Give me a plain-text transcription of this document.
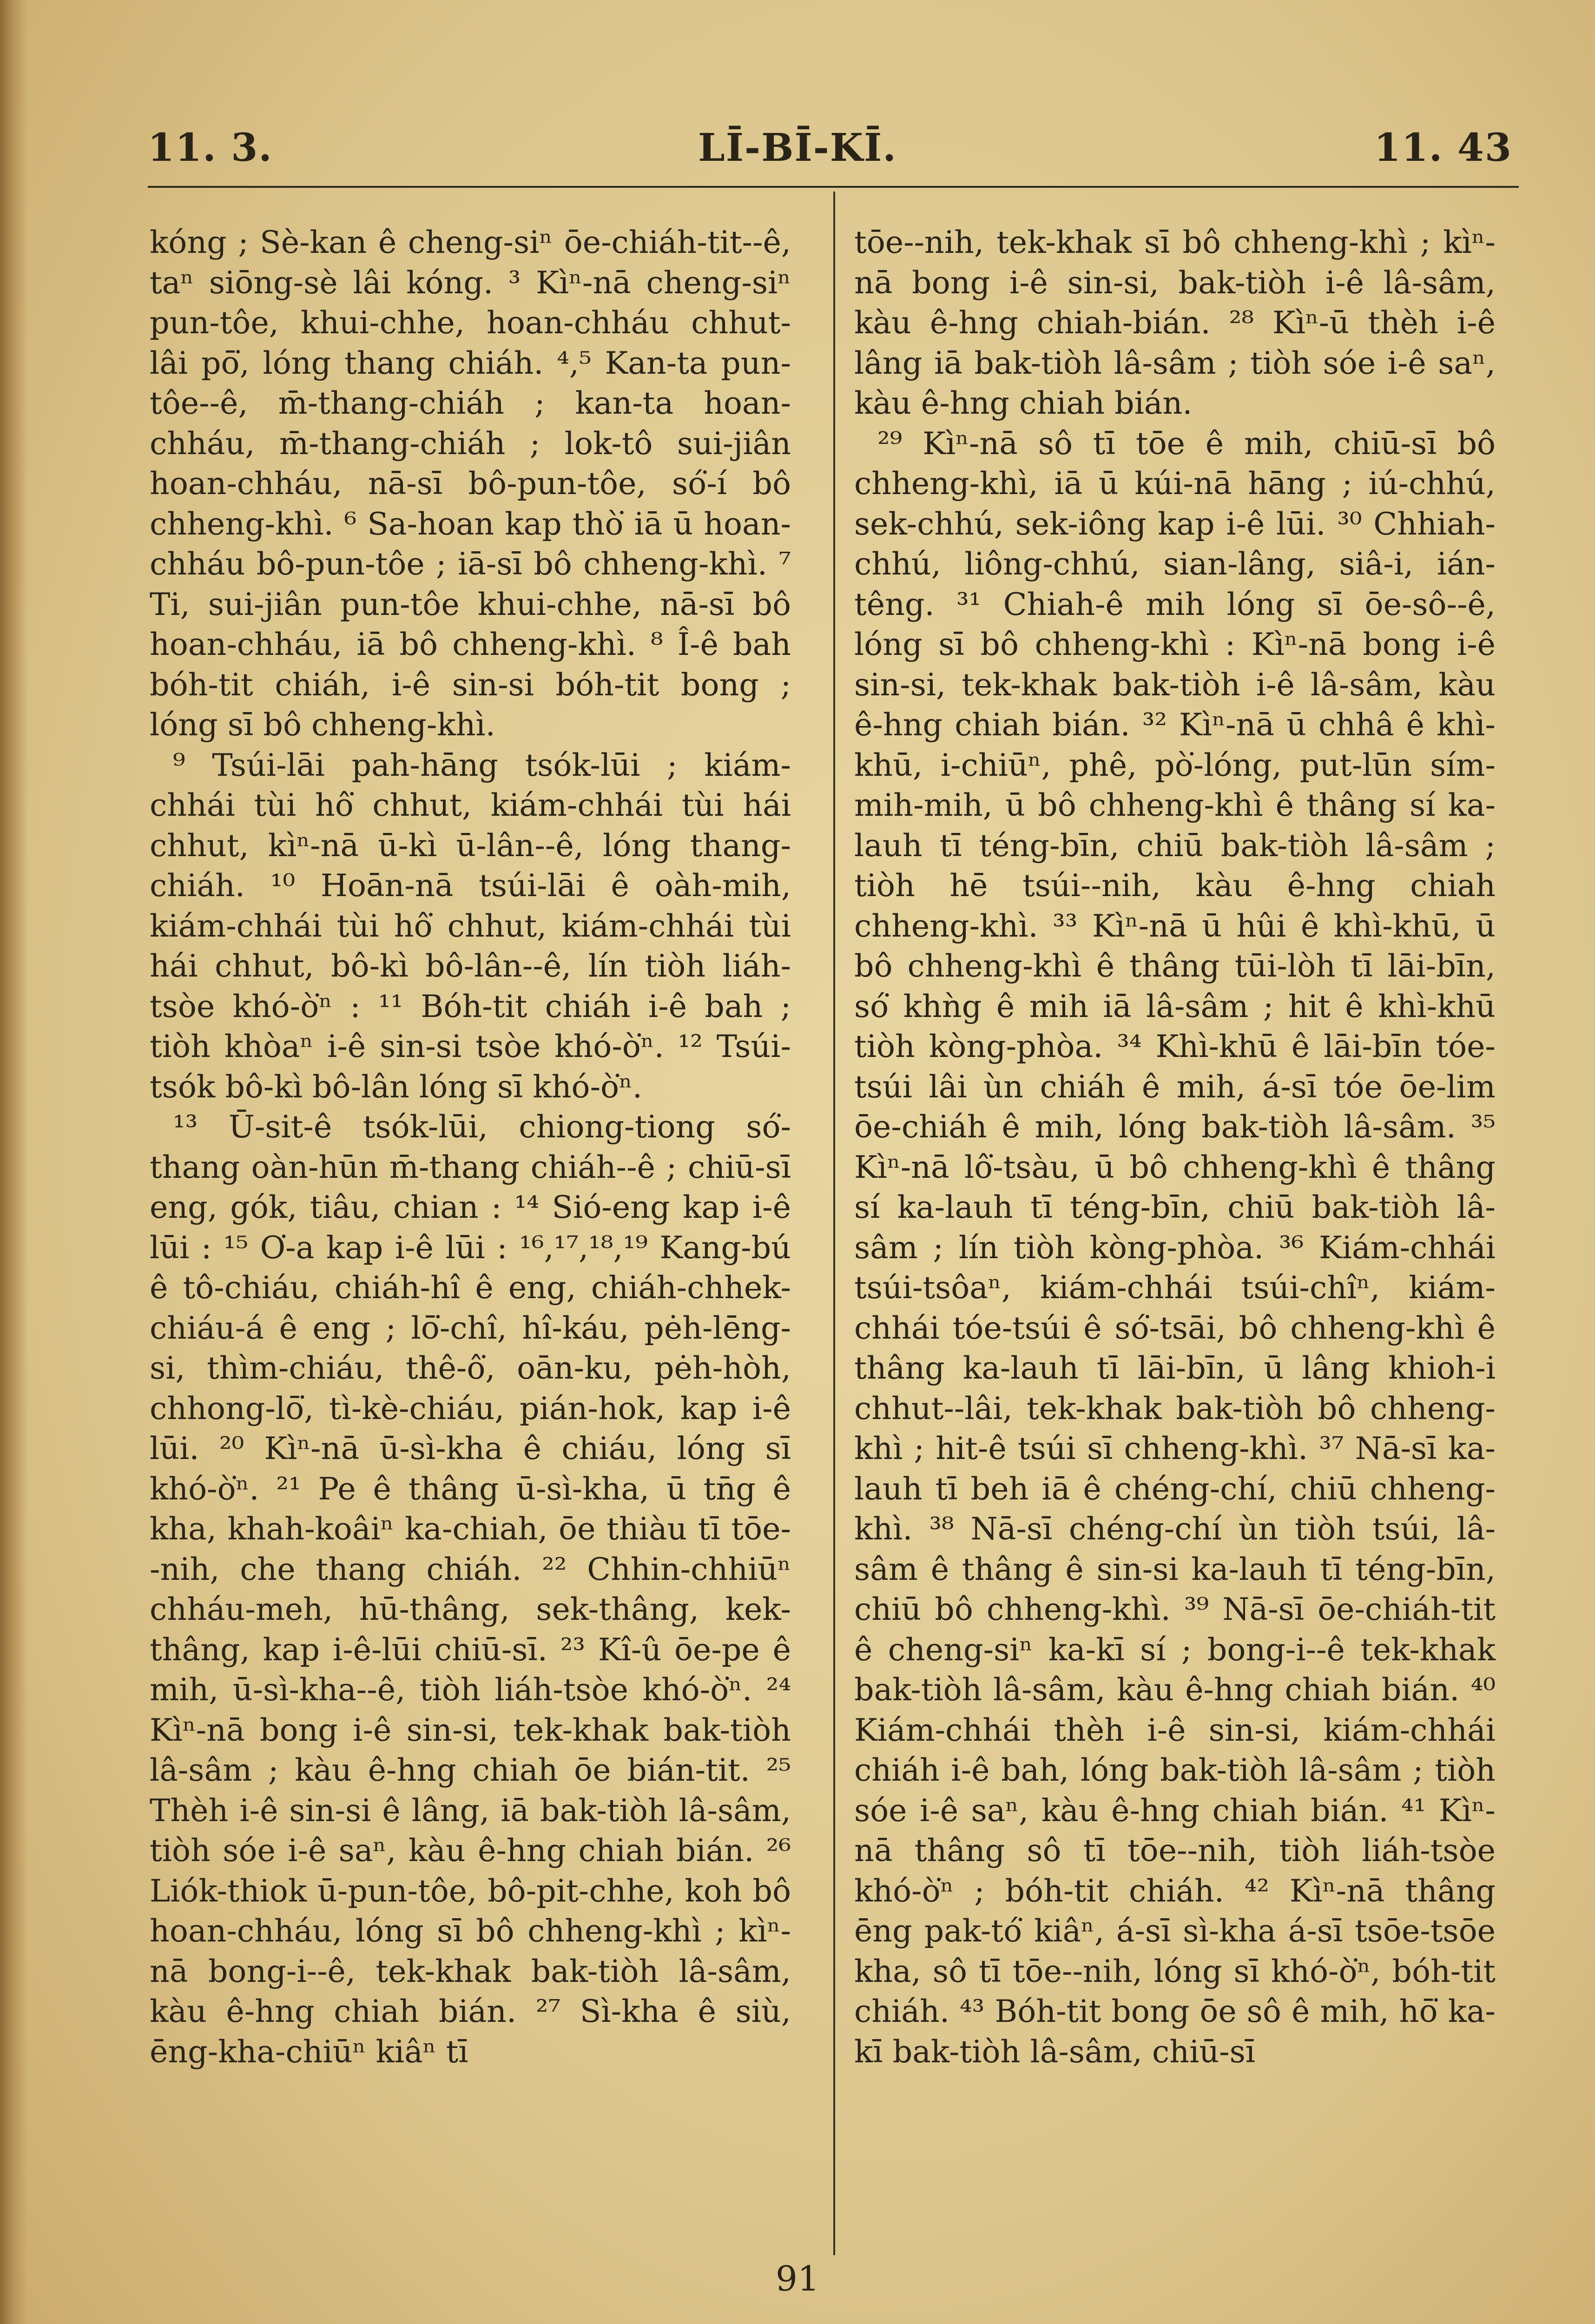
11. 3.	LĪ-BĪ-KĪ.	11. 43

kóng ; Sè-kan ê cheng-siⁿ ōe-chiáh-tit--ê, taⁿ siōng-sè lâi kóng. ³ Kìⁿ-nā cheng-siⁿ pun-tôe, khui-chhe, hoan-chháu chhut-lâi pō͘, lóng thang chiáh. ⁴,⁵ Kan-ta pun-tôe--ê, m̄-thang-chiáh ; kan-ta hoan-chháu, m̄-thang-chiáh ; lok-tô sui-jiân hoan-chháu, nā-sī bô-pun-tôe, só͘-í bô chheng-khì. ⁶ Sa-hoan kap thò͘ iā ū hoan-chháu bô-pun-tôe ; iā-sī bô chheng-khì. ⁷ Ti, sui-jiân pun-tôe khui-chhe, nā-sī bô hoan-chháu, iā bô chheng-khì. ⁸ Î-ê bah bóh-tit chiáh, i-ê sin-si bóh-tit bong ; lóng sī bô chheng-khì.

⁹ Tsúi-lāi pah-hāng tsók-lūi ; kiám-chhái tùi hô͘ chhut, kiám-chhái tùi hái chhut, kìⁿ-nā ū-kì ū-lân--ê, lóng thang-chiáh. ¹⁰ Hoān-nā tsúi-lāi ê oàh-mih, kiám-chhái tùi hô͘ chhut, kiám-chhái tùi hái chhut, bô-kì bô-lân--ê, lín tiòh liáh-tsòe khó-ò͘ⁿ : ¹¹ Bóh-tit chiáh i-ê bah ; tiòh khòaⁿ i-ê sin-si tsòe khó-ò͘ⁿ. ¹² Tsúi-tsók bô-kì bô-lân lóng sī khó-ò͘ⁿ.

¹³ Ū-sit-ê tsók-lūi, chiong-tiong só͘-thang oàn-hūn m̄-thang chiáh--ê ; chiū-sī eng, gók, tiâu, chian : ¹⁴ Sió-eng kap i-ê lūi : ¹⁵ O͘-a kap i-ê lūi : ¹⁶,¹⁷,¹⁸,¹⁹ Kang-bú ê tô-chiáu, chiáh-hî ê eng, chiáh-chhek-chiáu-á ê eng ; lō͘-chî, hî-káu, pėh-lēng-si, thìm-chiáu, thê-ô͘, oān-ku, pėh-hòh, chhong-lō͘, tì-kè-chiáu, pián-hok, kap i-ê lūi. ²⁰ Kìⁿ-nā ū-sì-kha ê chiáu, lóng sī khó-ò͘ⁿ. ²¹ Pe ê thâng ū-sì-kha, ū tn̄g ê kha, khah-koâiⁿ ka-chiah, ōe thiàu tī tōe--nih, che thang chiáh. ²² Chhin-chhiūⁿ chháu-meh, hū-thâng, sek-thâng, kek-thâng, kap i-ê-lūi chiū-sī. ²³ Kî-û ōe-pe ê mih, ū-sì-kha--ê, tiòh liáh-tsòe khó-ò͘ⁿ. ²⁴ Kìⁿ-nā bong i-ê sin-si, tek-khak bak-tiòh lâ-sâm ; kàu ê-hng chiah ōe bián-tit. ²⁵ Thèh i-ê sin-si ê lâng, iā bak-tiòh lâ-sâm, tiòh sóe i-ê saⁿ, kàu ê-hng chiah bián. ²⁶ Liók-thiok ū-pun-tôe, bô-pit-chhe, koh bô hoan-chháu, lóng sī bô chheng-khì ; kìⁿ-nā bong-i--ê, tek-khak bak-tiòh lâ-sâm, kàu ê-hng chiah bián. ²⁷ Sì-kha ê siù, ēng-kha-chiūⁿ kiâⁿ tī

tōe--nih, tek-khak sī bô chheng-khì ; kìⁿ-nā bong i-ê sin-si, bak-tiòh i-ê lâ-sâm, kàu ê-hng chiah-bián. ²⁸ Kìⁿ-ū thèh i-ê lâng iā bak-tiòh lâ-sâm ; tiòh sóe i-ê saⁿ, kàu ê-hng chiah bián.

²⁹ Kìⁿ-nā sô tī tōe ê mih, chiū-sī bô chheng-khì, iā ū kúi-nā hāng ; iú-chhú, sek-chhú, sek-iông kap i-ê lūi. ³⁰ Chhiah-chhú, liông-chhú, sian-lâng, siâ-i, ián-têng. ³¹ Chiah-ê mih lóng sī ōe-sô--ê, lóng sī bô chheng-khì : Kìⁿ-nā bong i-ê sin-si, tek-khak bak-tiòh i-ê lâ-sâm, kàu ê-hng chiah bián. ³² Kìⁿ-nā ū chhâ ê khì-khū, i-chiūⁿ, phê, pò͘-lóng, put-lūn sím-mih-mih, ū bô chheng-khì ê thâng sí ka-lauh tī téng-bīn, chiū bak-tiòh lâ-sâm ; tiòh hē tsúi--nih, kàu ê-hng chiah chheng-khì. ³³ Kìⁿ-nā ū hûi ê khì-khū, ū bô chheng-khì ê thâng tūi-lòh tī lāi-bīn, só͘ khǹg ê mih iā lâ-sâm ; hit ê khì-khū tiòh kòng-phòa. ³⁴ Khì-khū ê lāi-bīn tóe-tsúi lâi ùn chiáh ê mih, á-sī tóe ōe-lim ōe-chiáh ê mih, lóng bak-tiòh lâ-sâm. ³⁵ Kìⁿ-nā lô͘-tsàu, ū bô chheng-khì ê thâng sí ka-lauh tī téng-bīn, chiū bak-tiòh lâ-sâm ; lín tiòh kòng-phòa. ³⁶ Kiám-chhái tsúi-tsôaⁿ, kiám-chhái tsúi-chîⁿ, kiám-chhái tóe-tsúi ê só͘-tsāi, bô chheng-khì ê thâng ka-lauh tī lāi-bīn, ū lâng khioh-i chhut--lâi, tek-khak bak-tiòh bô chheng-khì ; hit-ê tsúi sī chheng-khì. ³⁷ Nā-sī ka-lauh tī beh iā ê chéng-chí, chiū chheng-khì. ³⁸ Nā-sī chéng-chí ùn tiòh tsúi, lâ-sâm ê thâng ê sin-si ka-lauh tī téng-bīn, chiū bô chheng-khì. ³⁹ Nā-sī ōe-chiáh-tit ê cheng-siⁿ ka-kī sí ; bong-i--ê tek-khak bak-tiòh lâ-sâm, kàu ê-hng chiah bián. ⁴⁰ Kiám-chhái thèh i-ê sin-si, kiám-chhái chiáh i-ê bah, lóng bak-tiòh lâ-sâm ; tiòh sóe i-ê saⁿ, kàu ê-hng chiah bián. ⁴¹ Kìⁿ-nā thâng sô tī tōe--nih, tiòh liáh-tsòe khó-ò͘ⁿ ; bóh-tit chiáh. ⁴² Kìⁿ-nā thâng ēng pak-tó͘ kiâⁿ, á-sī sì-kha á-sī tsōe-tsōe kha, sô tī tōe--nih, lóng sī khó-ò͘ⁿ, bóh-tit chiáh. ⁴³ Bóh-tit bong ōe sô ê mih, hō͘ ka-kī bak-tiòh lâ-sâm, chiū-sī

91
